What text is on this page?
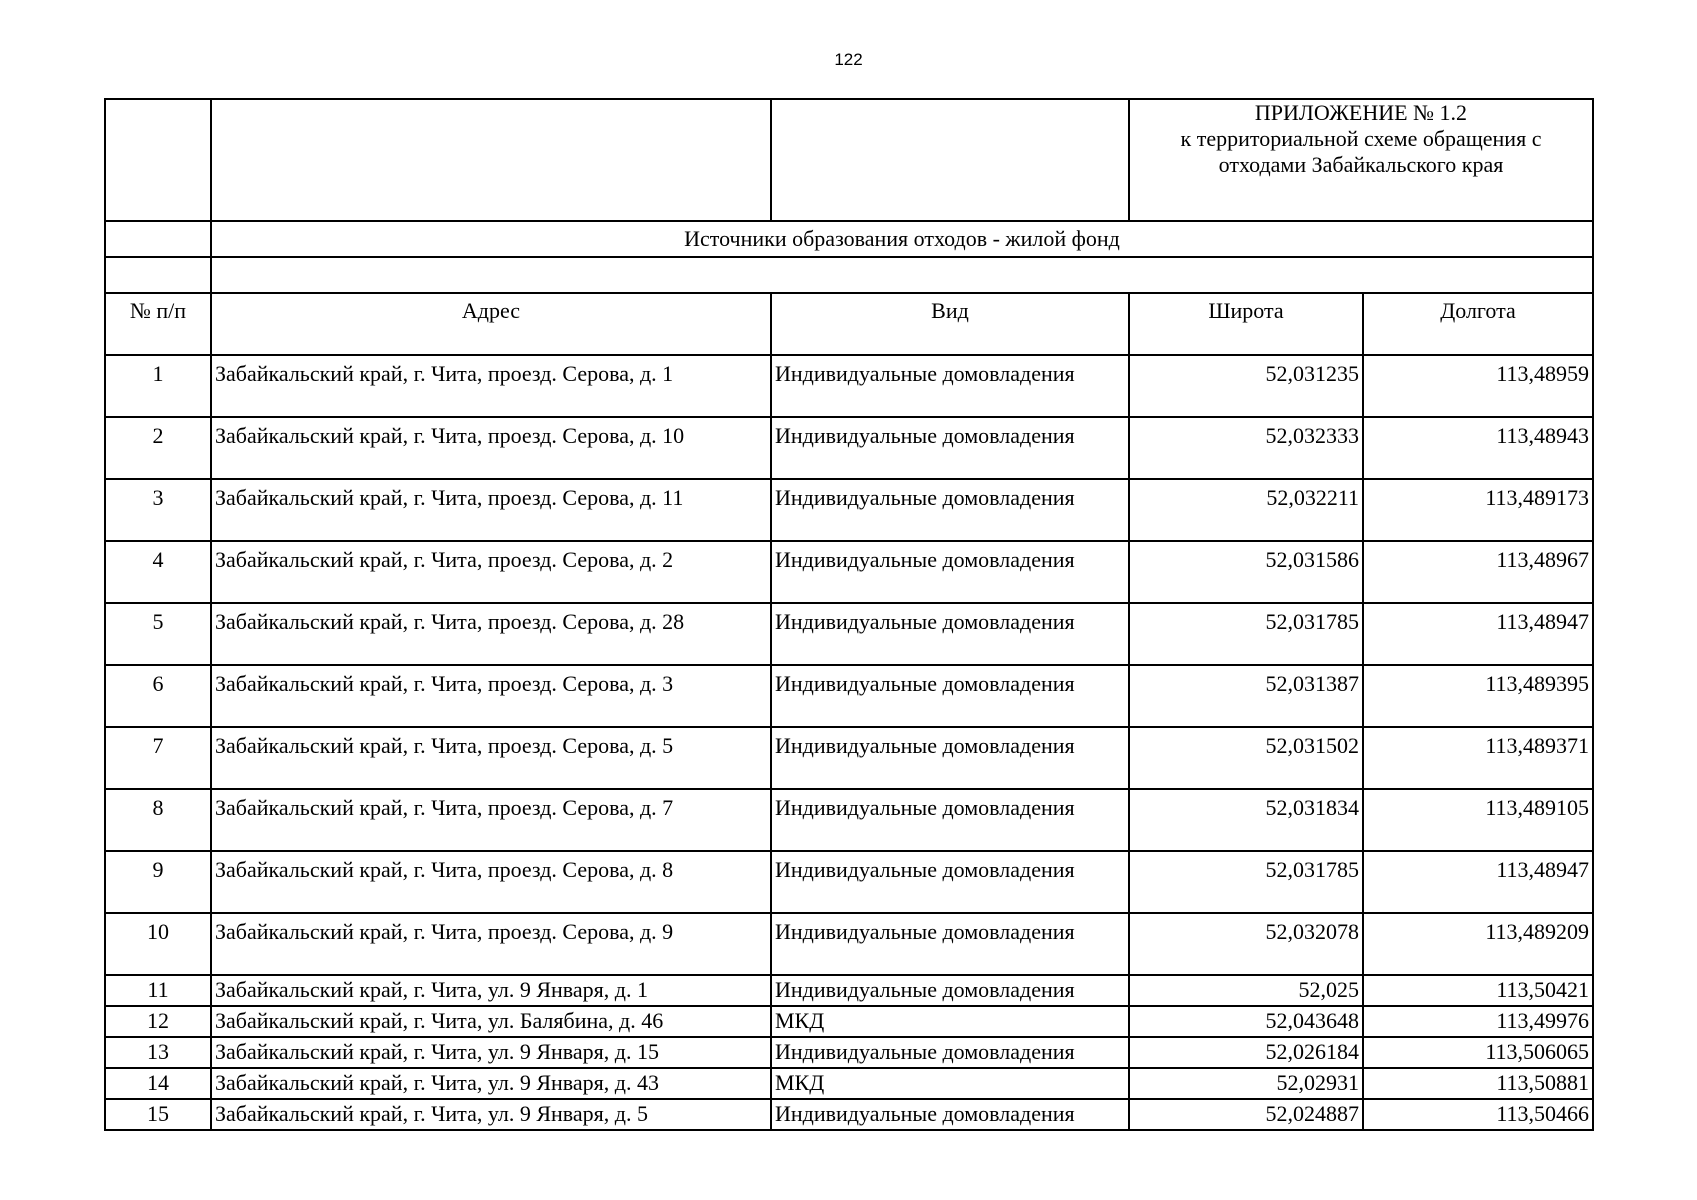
122

			ПРИЛОЖЕНИЕ № 1.2
к территориальной схеме обращения с
отходами Забайкальского края	

	Источники образования отходов - жилой фонд			

№ п/п	Адрес	Вид	Широта	Долгота
1	Забайкальский край, г. Чита, проезд. Серова, д. 1	Индивидуальные домовладения	52,031235	113,48959
2	Забайкальский край, г. Чита, проезд. Серова, д. 10	Индивидуальные домовладения	52,032333	113,48943
3	Забайкальский край, г. Чита, проезд. Серова, д. 11	Индивидуальные домовладения	52,032211	113,489173
4	Забайкальский край, г. Чита, проезд. Серова, д. 2	Индивидуальные домовладения	52,031586	113,48967
5	Забайкальский край, г. Чита, проезд. Серова, д. 28	Индивидуальные домовладения	52,031785	113,48947
6	Забайкальский край, г. Чита, проезд. Серова, д. 3	Индивидуальные домовладения	52,031387	113,489395
7	Забайкальский край, г. Чита, проезд. Серова, д. 5	Индивидуальные домовладения	52,031502	113,489371
8	Забайкальский край, г. Чита, проезд. Серова, д. 7	Индивидуальные домовладения	52,031834	113,489105
9	Забайкальский край, г. Чита, проезд. Серова, д. 8	Индивидуальные домовладения	52,031785	113,48947
10	Забайкальский край, г. Чита, проезд. Серова, д. 9	Индивидуальные домовладения	52,032078	113,489209
11	Забайкальский край, г. Чита, ул. 9 Января, д. 1	Индивидуальные домовладения	52,025	113,50421
12	Забайкальский край, г. Чита, ул. Балябина, д. 46	МКД	52,043648	113,49976
13	Забайкальский край, г. Чита, ул. 9 Января, д. 15	Индивидуальные домовладения	52,026184	113,506065
14	Забайкальский край, г. Чита, ул. 9 Января, д. 43	МКД	52,02931	113,50881
15	Забайкальский край, г. Чита, ул. 9 Января, д. 5	Индивидуальные домовладения	52,024887	113,50466
